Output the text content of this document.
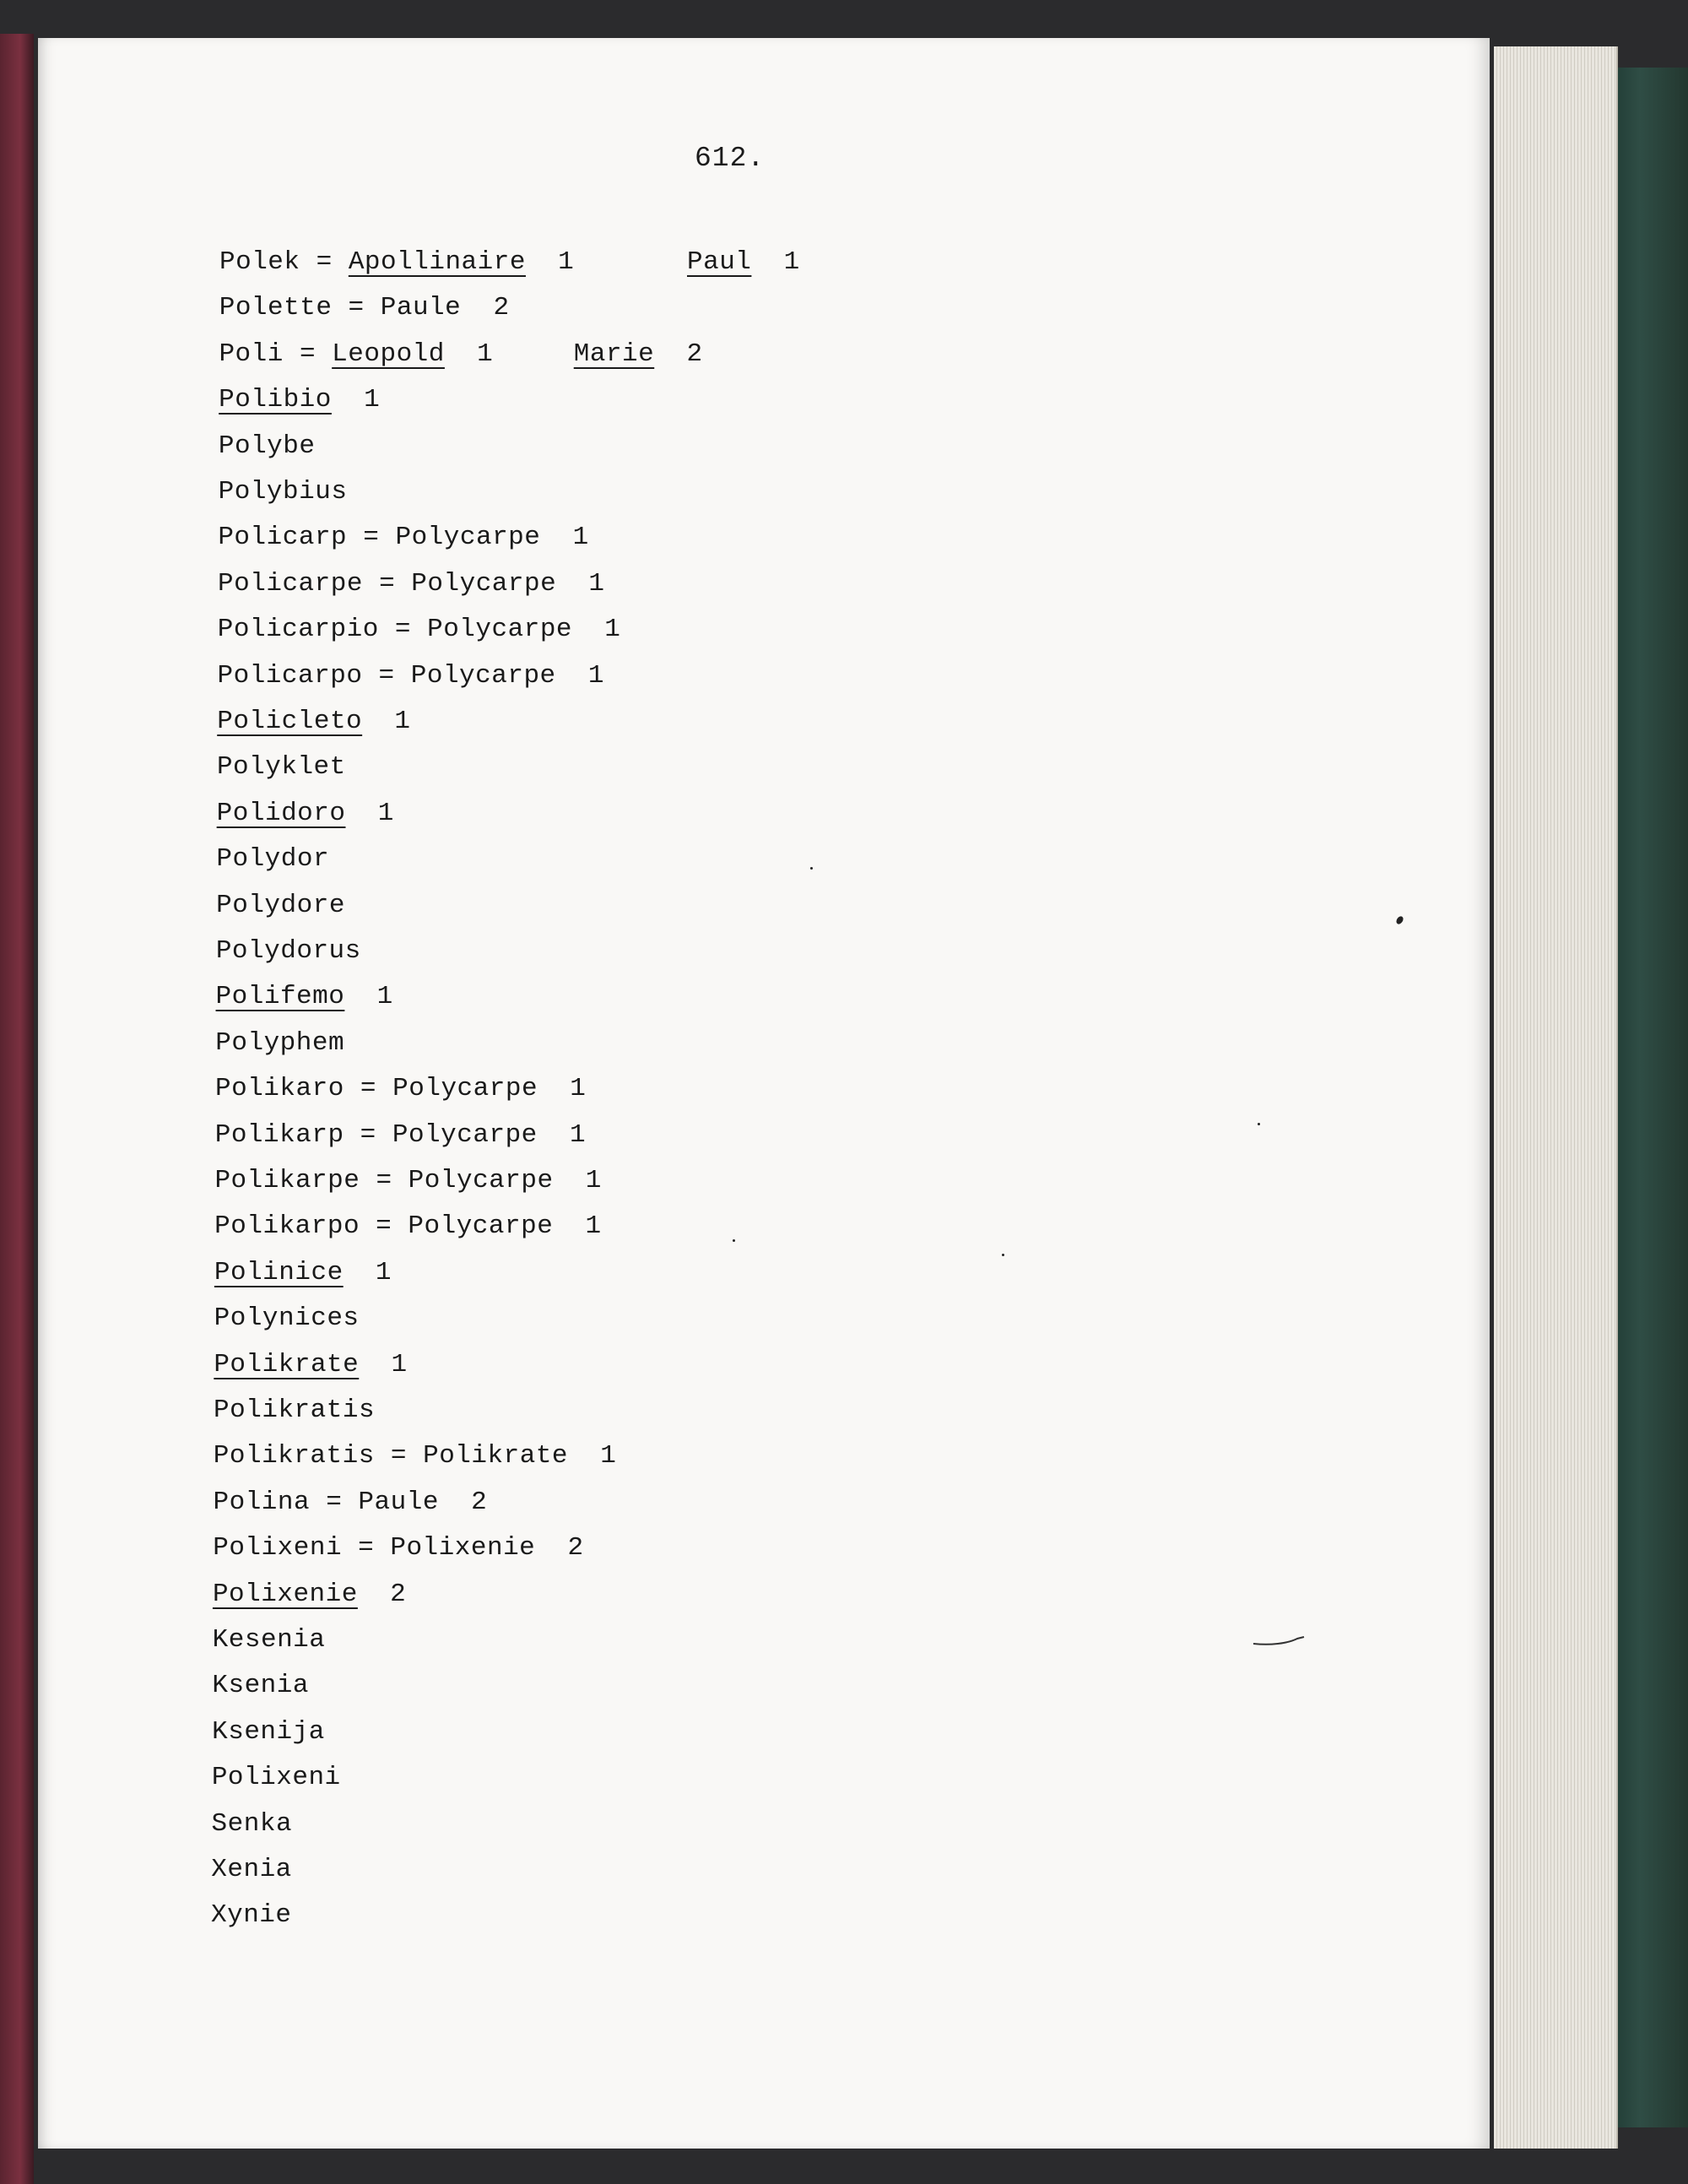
612.
Polek = Apollinaire  1       Paul  1
Polette = Paule  2
Poli = Leopold  1     Marie  2
Polibio  1
Polybe
Polybius
Policarp = Polycarpe  1
Policarpe = Polycarpe  1
Policarpio = Polycarpe  1
Policarpo = Polycarpe  1
Policleto  1
Polyklet
Polidoro  1
Polydor
Polydore
Polydorus
Polifemo  1
Polyphem
Polikaro = Polycarpe  1
Polikarp = Polycarpe  1
Polikarpe = Polycarpe  1
Polikarpo = Polycarpe  1
Polinice  1
Polynices
Polikrate  1
Polikratis
Polikratis = Polikrate  1
Polina = Paule  2
Polixeni = Polixenie  2
Polixenie  2
Kesenia
Ksenia
Ksenija
Polixeni
Senka
Xenia
Xynie
